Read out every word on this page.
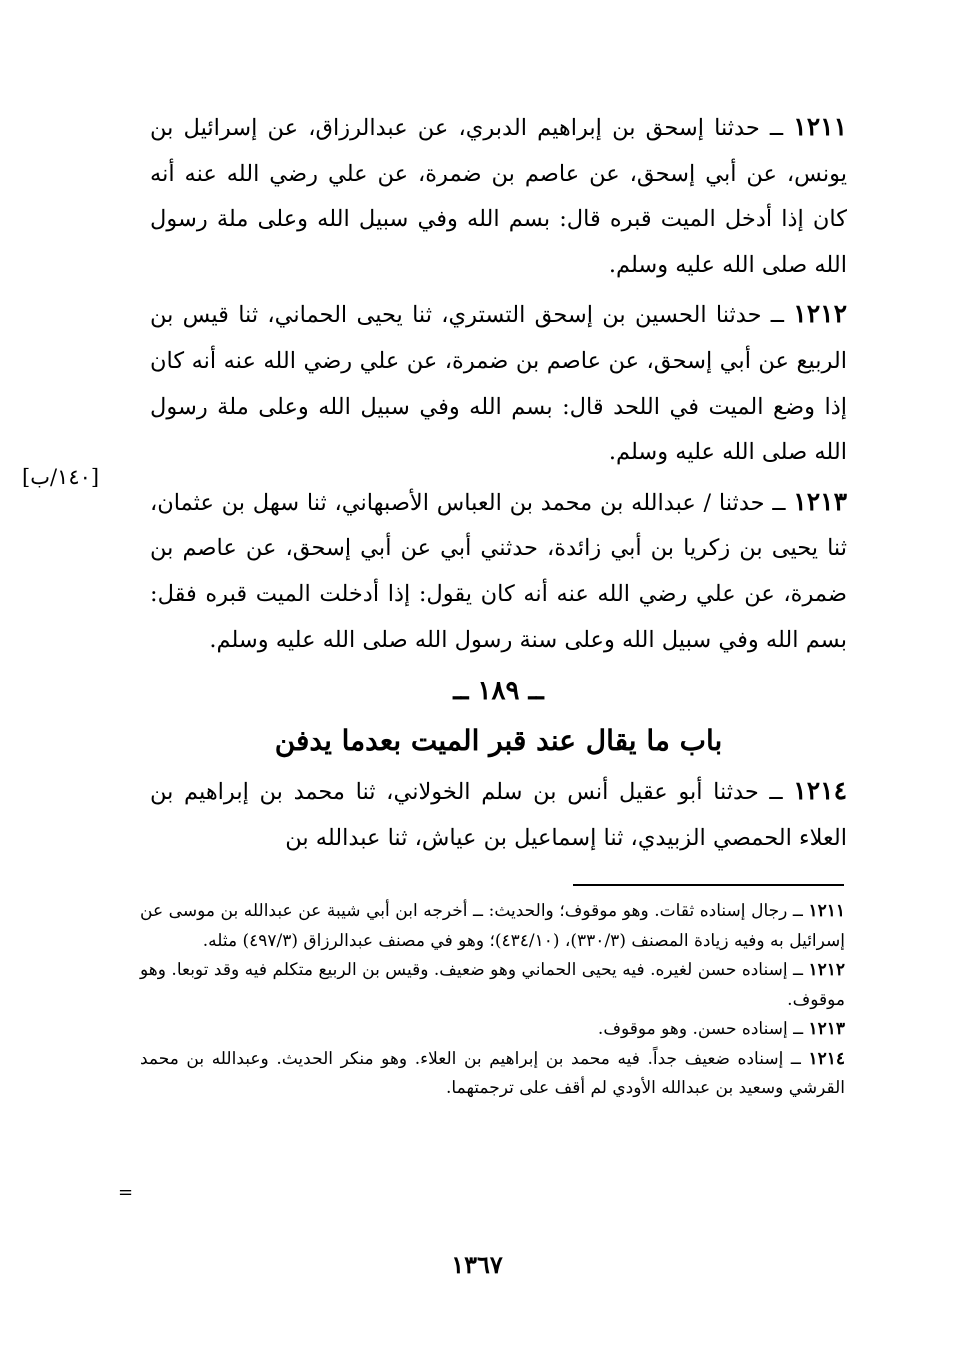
١٢١١ ــ حدثنا إسحق بن إبراهيم الدبري، عن عبدالرزاق، عن إسرائيل بن يونس، عن أبي إسحق، عن عاصم بن ضمرة، عن علي رضي الله عنه أنه كان إذا أدخل الميت قبره قال: بسم الله وفي سبيل الله وعلى ملة رسول الله صلى الله عليه وسلم.

١٢١٢ ــ حدثنا الحسين بن إسحق التستري، ثنا يحيى الحماني، ثنا قيس بن الربيع عن أبي إسحق، عن عاصم بن ضمرة، عن علي رضي الله عنه أنه كان إذا وضع الميت في اللحد قال: بسم الله وفي سبيل الله وعلى ملة رسول الله صلى الله عليه وسلم.

١٢١٣ ــ حدثنا / عبدالله بن محمد بن العباس الأصبهاني، ثنا سهل بن عثمان، ثنا يحيى بن زكريا بن أبي زائدة، حدثني أبي عن أبي إسحق، عن عاصم بن ضمرة، عن علي رضي الله عنه أنه كان يقول: إذا أدخلت الميت قبره فقل: بسم الله وفي سبيل الله وعلى سنة رسول الله صلى الله عليه وسلم.

[١٤٠/ب]
ــ ١٨٩ ــ
باب ما يقال عند قبر الميت بعدما يدفن

١٢١٤ ــ حدثنا أبو عقيل أنس بن سلم الخولاني، ثنا محمد بن إبراهيم بن العلاء الحمصي الزبيدي، ثنا إسماعيل بن عياش، ثنا عبدالله بن

١٢١١ ــ رجال إسناده ثقات. وهو موقوف؛ والحديث: ــ أخرجه ابن أبي شيبة عن عبدالله بن موسى عن إسرائيل به وفيه زيادة المصنف (٣٣٠/٣)، (٤٣٤/١٠)؛ وهو في مصنف عبدالرزاق (٤٩٧/٣) مثله.

١٢١٢ ــ إسناده حسن لغيره. فيه يحيى الحماني وهو ضعيف. وقيس بن الربيع متكلم فيه وقد توبعا. وهو موقوف.

١٢١٣ ــ إسناده حسن. وهو موقوف.

١٢١٤ ــ إسناده ضعيف جداً. فيه محمد بن إبراهيم بن العلاء. وهو منكر الحديث. وعبدالله بن محمد القرشي وسعيد بن عبدالله الأودي لم أقف على ترجمتهما.

=
١٣٦٧
